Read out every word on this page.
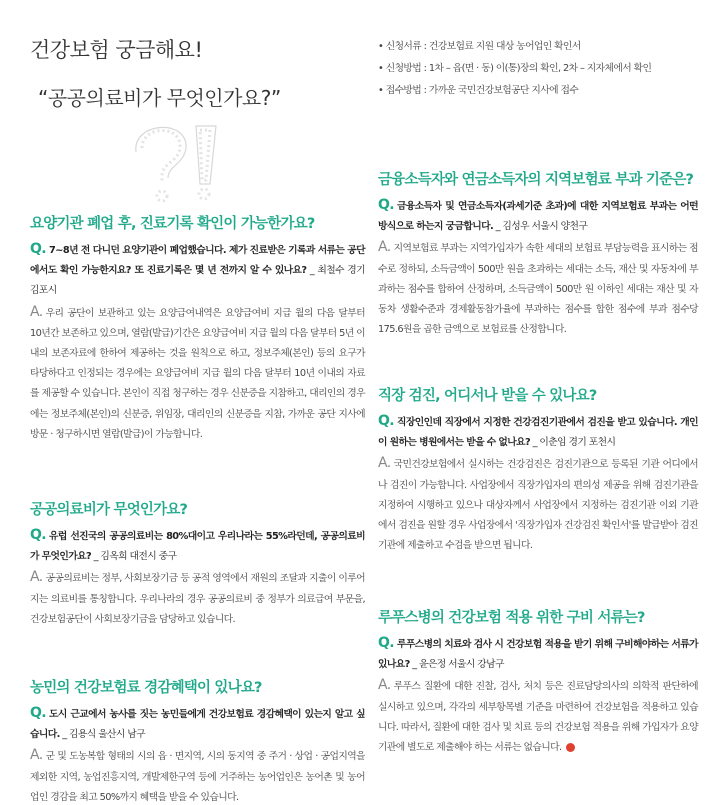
건강보험 궁금해요!
“공공의료비가 무엇인가요?”
요양기관 폐업 후, 진료기록 확인이 가능한가요?

Q. 7~8년 전 다니던 요양기관이 폐업했습니다. 제가 진료받은 기록과 서류는 공단에서도 확인 가능한지요? 또 진료기록은 몇 년 전까지 알 수 있나요? _ 최철수 경기 김포시

A. 우리 공단이 보관하고 있는 요양급여내역은 요양급여비 지급 월의 다음 달부터 10년간 보존하고 있으며, 열람(발급)기간은 요양급여비 지급 월의 다음 달부터 5년 이내의 보존자료에 한하여 제공하는 것을 원칙으로 하고, 정보주체(본인) 등의 요구가 타당하다고 인정되는 경우에는 요양급여비 지급 월의 다음 달부터 10년 이내의 자료를 제공할 수 있습니다. 본인이 직접 청구하는 경우 신분증을 지참하고, 대리인의 경우에는 정보주체(본인)의 신분증, 위임장, 대리인의 신분증을 지참, 가까운 공단 지사에 방문 · 청구하시면 열람(발급)이 가능합니다.

공공의료비가 무엇인가요?

Q. 유럽 선진국의 공공의료비는 80%대이고 우리나라는 55%라던데, 공공의료비가 무엇인가요? _ 김옥희 대전시 중구

A. 공공의료비는 정부, 사회보장기금 등 공적 영역에서 재원의 조달과 지출이 이루어지는 의료비를 통칭합니다. 우리나라의 경우 공공의료비 중 정부가 의료급여 부문을, 건강보험공단이 사회보장기금을 담당하고 있습니다.

농민의 건강보험료 경감혜택이 있나요?

Q. 도시 근교에서 농사를 짓는 농민들에게 건강보험료 경감혜택이 있는지 알고 싶습니다. _ 김용식 울산시 남구

A. 군 및 도농복합 형태의 시의 읍 · 면지역, 시의 동지역 중 주거 · 상업 · 공업지역을 제외한 지역, 농업진흥지역, 개발제한구역 등에 거주하는 농어업인은 농어촌 및 농어업인 경감을 최고 50%까지 혜택을 받을 수 있습니다.

• 신청서류 : 건강보험료 지원 대상 농어업인 확인서
• 신청방법 : 1차 – 읍(면 · 동) 이(통)장의 확인, 2차 – 지자체에서 확인
• 접수방법 : 가까운 국민건강보험공단 지사에 접수
금융소득자와 연금소득자의 지역보험료 부과 기준은?

Q. 금융소득자 및 연금소득자(과세기준 초과)에 대한 지역보험료 부과는 어떤 방식으로 하는지 궁금합니다. _ 김성우 서울시 양천구

A. 지역보험료 부과는 지역가입자가 속한 세대의 보험료 부담능력을 표시하는 점수로 정하되, 소득금액이 500만 원을 초과하는 세대는 소득, 재산 및 자동차에 부과하는 점수를 합하여 산정하며, 소득금액이 500만 원 이하인 세대는 재산 및 자동차 생활수준과 경제활동참가율에 부과하는 점수를 합한 점수에 부과 점수당 175.6원을 곱한 금액으로 보험료를 산정합니다.

직장 검진, 어디서나 받을 수 있나요?

Q. 직장인인데 직장에서 지정한 건강검진기관에서 검진을 받고 있습니다. 개인이 원하는 병원에서는 받을 수 없나요? _ 이춘임 경기 포천시

A. 국민건강보험에서 실시하는 건강검진은 검진기관으로 등록된 기관 어디에서나 검진이 가능합니다. 사업장에서 직장가입자의 편의성 제공을 위해 검진기관을 지정하여 시행하고 있으나 대상자께서 사업장에서 지정하는 검진기관 이외 기관에서 검진을 원할 경우 사업장에서 '직장가입자 건강검진 확인서'를 발급받아 검진기관에 제출하고 수검을 받으면 됩니다.

루푸스병의 건강보험 적용 위한 구비 서류는?

Q. 루푸스병의 치료와 검사 시 건강보험 적용을 받기 위해 구비해야하는 서류가 있나요? _ 윤은정 서울시 강남구

A. 루푸스 질환에 대한 진찰, 검사, 처치 등은 진료담당의사의 의학적 판단하에 실시하고 있으며, 각각의 세부항목별 기준을 마련하여 건강보험을 적용하고 있습니다. 따라서, 질환에 대한 검사 및 치료 등의 건강보험 적용을 위해 가입자가 요양기관에 별도로 제출해야 하는 서류는 없습니다.
